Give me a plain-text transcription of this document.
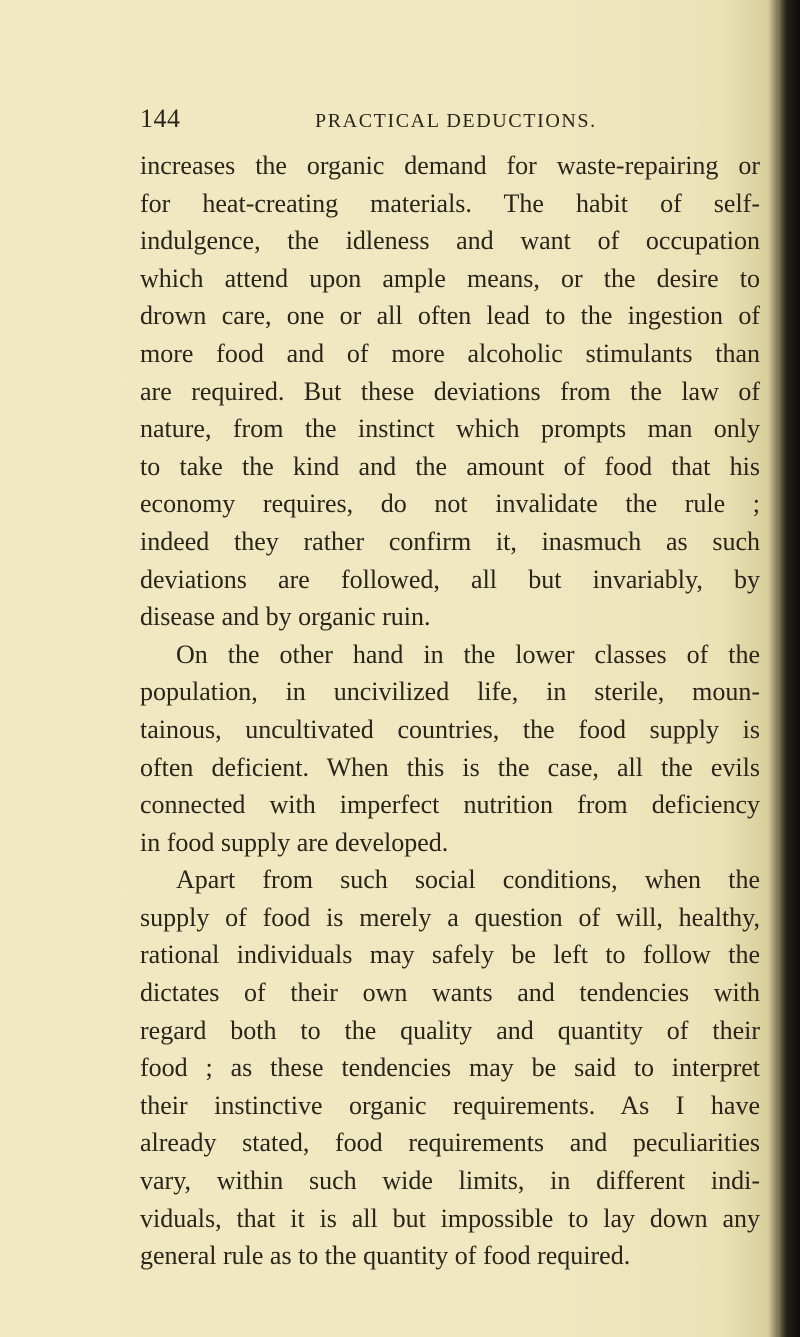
144	PRACTICAL DEDUCTIONS.
increases the organic demand for waste-repairing or
for heat-creating materials. The habit of self-
indulgence, the idleness and want of occupation
which attend upon ample means, or the desire to
drown care, one or all often lead to the ingestion of
more food and of more alcoholic stimulants than
are required. But these deviations from the law of
nature, from the instinct which prompts man only
to take the kind and the amount of food that his
economy requires, do not invalidate the rule ;
indeed they rather confirm it, inasmuch as such
deviations are followed, all but invariably, by
disease and by organic ruin.
On the other hand in the lower classes of the
population, in uncivilized life, in sterile, moun-
tainous, uncultivated countries, the food supply is
often deficient. When this is the case, all the evils
connected with imperfect nutrition from deficiency
in food supply are developed.
Apart from such social conditions, when the
supply of food is merely a question of will, healthy,
rational individuals may safely be left to follow the
dictates of their own wants and tendencies with
regard both to the quality and quantity of their
food ; as these tendencies may be said to interpret
their instinctive organic requirements. As I have
already stated, food requirements and peculiarities
vary, within such wide limits, in different indi-
viduals, that it is all but impossible to lay down any
general rule as to the quantity of food required.
